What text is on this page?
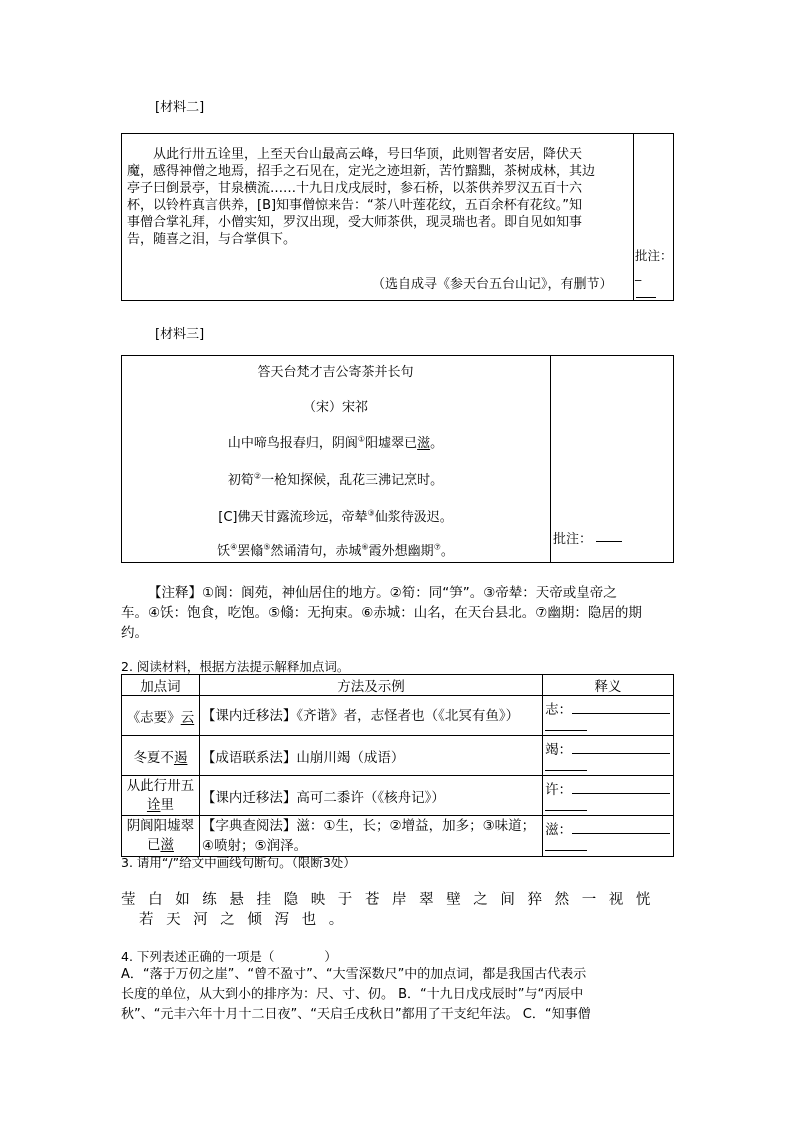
[材料二]
从此行卅五诠里，上至天台山最高云峰，号曰华顶，此则智者安居，降伏天
魔，感得神僧之地焉，招手之石见在，定光之迹坦新，苦竹黯黜，茶树成林，其边
亭子曰倒景亭，甘泉横流……十九日戊戌辰时，参石桥，以茶供养罗汉五百十六
杯，以铃杵真言供养，[B]知事僧惊来告：“茶八叶莲花纹，五百余杯有花纹。”知
事僧合掌礼拜，小僧实知，罗汉出现，受大师茶供，现灵瑞也者。即自见如知事
告，随喜之泪，与合掌俱下。
（选自成寻《参天台五台山记》，有删节）
批注：_
[材料三]
答天台梵才吉公寄茶并长句
（宋）宋祁
山中啼鸟报春归，阴阆①阳墟翠已滋。
初筍②一枪知探候，乱花三沸记烹时。
[C]佛天甘露流珍远，帝辇③仙浆待汲迟。
饫④罢翛⑤然诵清句，赤城⑥霞外想幽期⑦。
批注：
【注释】①阆：阆苑，神仙居住的地方。②筍：同“笋”。③帝辇：天帝或皇帝之
车。④饫：饱食，吃饱。⑤翛：无拘束。⑥赤城：山名，在天台县北。⑦幽期：隐居的期
约。
2. 阅读材料，根据方法提示解释加点词。
加点词	方法及示例	释义
《志要》云	【课内迁移法】《齐谐》者，志怪者也（《北冥有鱼》）	志：

冬夏不遏	【成语联系法】山崩川竭（成语）	竭：

从此行卅五诠里	【课内迁移法】高可二黍许（《核舟记》）	许：

阴阆阳墟翠已滋	【字典查阅法】滋：①生，长；②增益，加多；③味道；④喷射；⑤润泽。	滋：

3. 请用“/”给文中画线句断句。（限断3处）
莹白如练悬挂隐映于苍岸翠壁之间猝然一视恍
若天河之倾泻也。
4. 下列表述正确的一项是（　　　　）
A．“落于万仞之崖”、“曾不盈寸”、“大雪深数尺”中的加点词，都是我国古代表示
长度的单位，从大到小的排序为：尺、寸、仞。 B．“十九日戊戌辰时”与“丙辰中
秋”、“元丰六年十月十二日夜”、“天启壬戌秋日”都用了干支纪年法。 C．“知事僧
